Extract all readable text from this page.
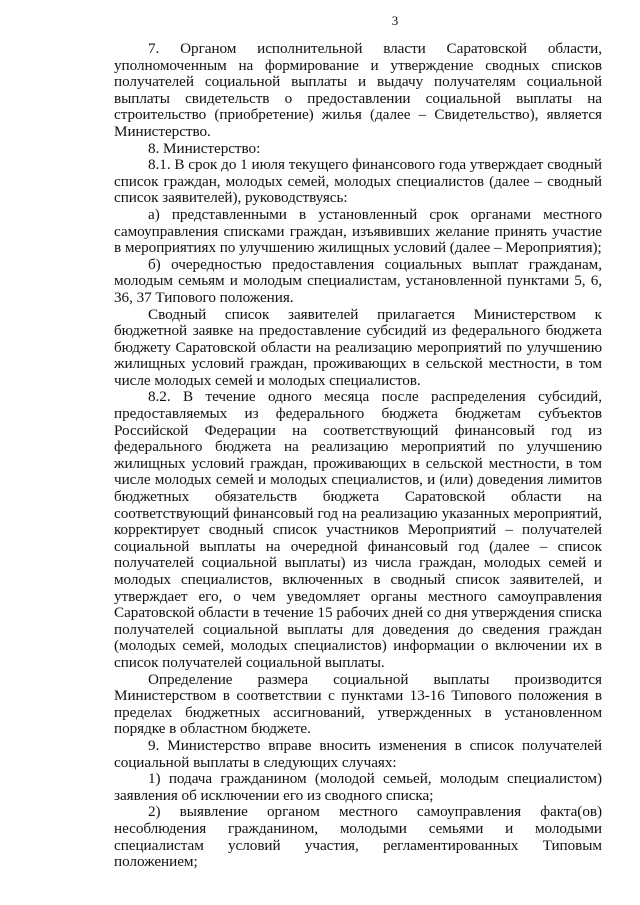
3

7. Органом исполнительной власти Саратовской области, уполномоченным на формирование и утверждение сводных списков получателей социальной выплаты и выдачу получателям социальной выплаты свидетельств о предоставлении социальной выплаты на строительство (приобретение) жилья (далее – Свидетельство), является Министерство.

8. Министерство:

8.1. В срок до 1 июля текущего финансового года утверждает сводный список граждан, молодых семей, молодых специалистов (далее – сводный список заявителей), руководствуясь:

а) представленными в установленный срок органами местного самоуправления списками граждан, изъявивших желание принять участие в мероприятиях по улучшению жилищных условий (далее – Мероприятия);

б) очередностью предоставления социальных выплат гражданам, молодым семьям и молодым специалистам, установленной пунктами 5, 6, 36, 37 Типового положения.

Сводный список заявителей прилагается Министерством к бюджетной заявке на предоставление субсидий из федерального бюджета бюджету Саратовской области на реализацию мероприятий по улучшению жилищных условий граждан, проживающих в сельской местности, в том числе молодых семей и молодых специалистов.

8.2. В течение одного месяца после распределения субсидий, предоставляемых из федерального бюджета бюджетам субъектов Российской Федерации на соответствующий финансовый год из федерального бюджета на реализацию мероприятий по улучшению жилищных условий граждан, проживающих в сельской местности, в том числе молодых семей и молодых специалистов, и (или) доведения лимитов бюджетных обязательств бюджета Саратовской области на соответствующий финансовый год на реализацию указанных мероприятий, корректирует сводный список участников Мероприятий – получателей социальной выплаты на очередной финансовый год (далее – список получателей социальной выплаты) из числа граждан, молодых семей и молодых специалистов, включенных в сводный список заявителей, и утверждает его, о чем уведомляет органы местного самоуправления Саратовской области в течение 15 рабочих дней со дня утверждения списка получателей социальной выплаты для доведения до сведения граждан (молодых семей, молодых специалистов) информации о включении их в список получателей социальной выплаты.

Определение размера социальной выплаты производится Министерством в соответствии с пунктами 13-16 Типового положения в пределах бюджетных ассигнований, утвержденных в установленном порядке в областном бюджете.

9. Министерство вправе вносить изменения в список получателей социальной выплаты в следующих случаях:

1) подача гражданином (молодой семьей, молодым специалистом) заявления об исключении его из сводного списка;

2) выявление органом местного самоуправления факта(ов) несоблюдения гражданином, молодыми семьями и молодыми специалистам условий участия, регламентированных Типовым положением;
